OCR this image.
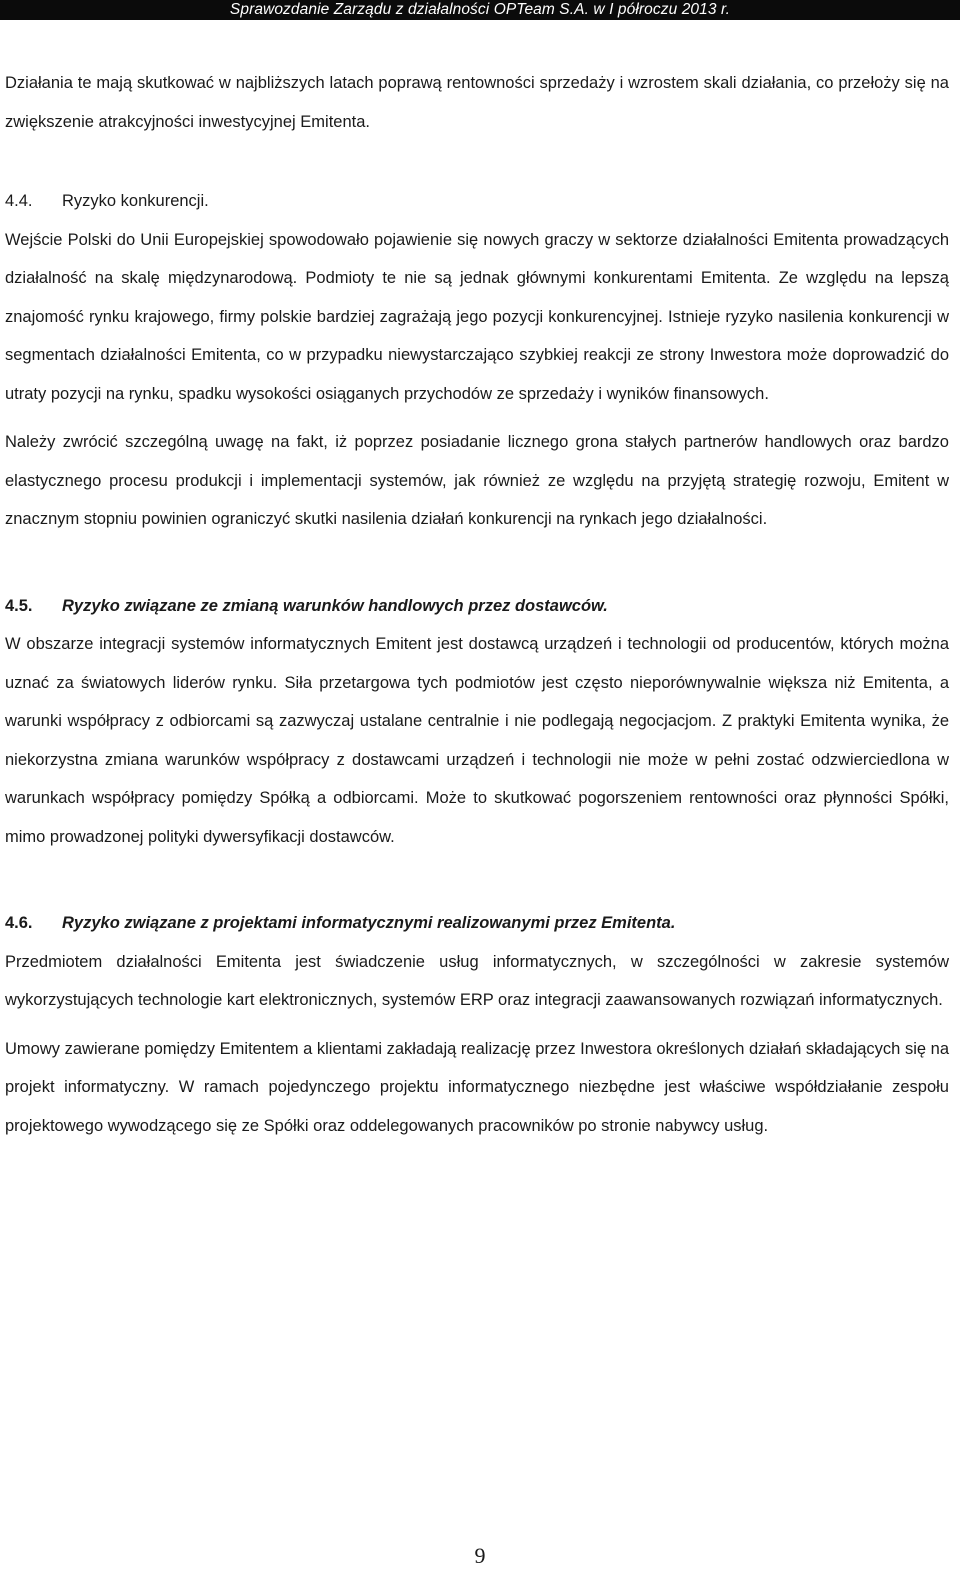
Sprawozdanie Zarządu z działalności OPTeam S.A. w I półroczu 2013 r.

Działania te mają skutkować w najbliższych latach poprawą rentowności sprzedaży i wzrostem skali działania, co przełoży się na zwiększenie atrakcyjności inwestycyjnej Emitenta.

4.4.	Ryzyko konkurencji.

Wejście Polski do Unii Europejskiej spowodowało pojawienie się nowych graczy w sektorze działalności Emitenta prowadzących działalność na skalę międzynarodową. Podmioty te nie są jednak głównymi konkurentami Emitenta. Ze względu na lepszą znajomość rynku krajowego, firmy polskie bardziej zagrażają jego pozycji konkurencyjnej. Istnieje ryzyko nasilenia konkurencji w segmentach działalności Emitenta, co w przypadku niewystarczająco szybkiej reakcji ze strony Inwestora może doprowadzić do utraty pozycji na rynku, spadku wysokości osiąganych przychodów ze sprzedaży i wyników finansowych.

Należy zwrócić szczególną uwagę na fakt, iż poprzez posiadanie licznego grona stałych partnerów handlowych oraz bardzo elastycznego procesu produkcji i implementacji systemów, jak również ze względu na przyjętą strategię rozwoju, Emitent w znacznym stopniu powinien ograniczyć skutki nasilenia działań konkurencji na rynkach jego działalności.

4.5.	Ryzyko związane ze zmianą warunków handlowych przez dostawców.

W obszarze integracji systemów informatycznych Emitent jest dostawcą urządzeń i technologii od producentów, których można uznać za światowych liderów rynku. Siła przetargowa tych podmiotów jest często nieporównywalnie większa niż Emitenta, a warunki współpracy z odbiorcami są zazwyczaj ustalane centralnie i nie podlegają negocjacjom. Z praktyki Emitenta wynika, że niekorzystna zmiana warunków współpracy z dostawcami urządzeń i technologii nie może w pełni zostać odzwierciedlona w warunkach współpracy pomiędzy Spółką a odbiorcami. Może to skutkować pogorszeniem rentowności oraz płynności Spółki, mimo prowadzonej polityki dywersyfikacji dostawców.

4.6.	Ryzyko związane z projektami informatycznymi realizowanymi przez Emitenta.

Przedmiotem działalności Emitenta jest świadczenie usług informatycznych, w szczególności w zakresie systemów wykorzystujących technologie kart elektronicznych, systemów ERP oraz integracji zaawansowanych rozwiązań informatycznych.

Umowy zawierane pomiędzy Emitentem a klientami zakładają realizację przez Inwestora określonych działań składających się na projekt informatyczny. W ramach pojedynczego projektu informatycznego niezbędne jest właściwe współdziałanie zespołu projektowego wywodzącego się ze Spółki oraz oddelegowanych pracowników po stronie nabywcy usług.

9
